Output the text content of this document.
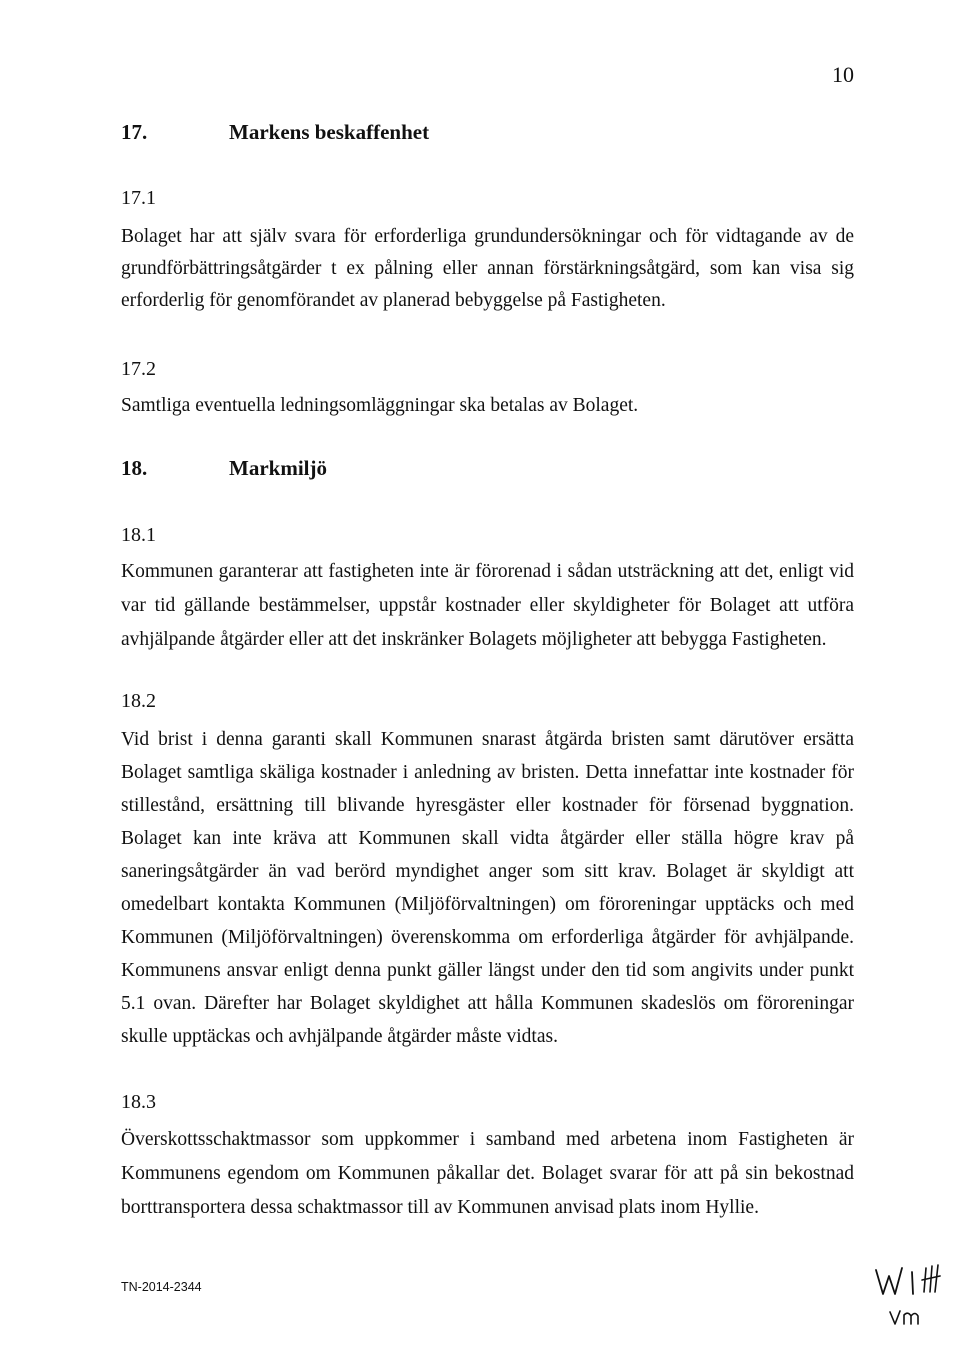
10
17.	Markens beskaffenhet
17.1
Bolaget har att själv svara för erforderliga grundundersökningar och för vidtagande av de grundförbättringsåtgärder t ex pålning eller annan förstärkningsåtgärd, som kan visa sig erforderlig för genomförandet av planerad bebyggelse på Fastigheten.
17.2
Samtliga eventuella ledningsomläggningar ska betalas av Bolaget.
18.	Markmiljö
18.1
Kommunen garanterar att fastigheten inte är förorenad i sådan utsträckning att det, enligt vid var tid gällande bestämmelser, uppstår kostnader eller skyldigheter för Bolaget att utföra avhjälpande åtgärder eller att det inskränker Bolagets möjligheter att bebygga Fastigheten.
18.2
Vid brist i denna garanti skall Kommunen snarast åtgärda bristen samt därutöver ersätta Bolaget samtliga skäliga kostnader i anledning av bristen. Detta innefattar inte kostnader för stillestånd, ersättning till blivande hyresgäster eller kostnader för försenad byggnation. Bolaget kan inte kräva att Kommunen skall vidta åtgärder eller ställa högre krav på saneringsåtgärder än vad berörd myndighet anger som sitt krav. Bolaget är skyldigt att omedelbart kontakta Kommunen (Miljöförvaltningen) om föroreningar upptäcks och med Kommunen (Miljöförvaltningen) överenskomma om erforderliga åtgärder för avhjälpande. Kommunens ansvar enligt denna punkt gäller längst under den tid som angivits under punkt 5.1 ovan. Därefter har Bolaget skyldighet att hålla Kommunen skadeslös om föroreningar skulle upptäckas och avhjälpande åtgärder måste vidtas.
18.3
Överskottsschaktmassor som uppkommer i samband med arbetena inom Fastigheten är Kommunens egendom om Kommunen påkallar det. Bolaget svarar för att på sin bekostnad borttransportera dessa schaktmassor till av Kommunen anvisad plats inom Hyllie.
TN-2014-2344
